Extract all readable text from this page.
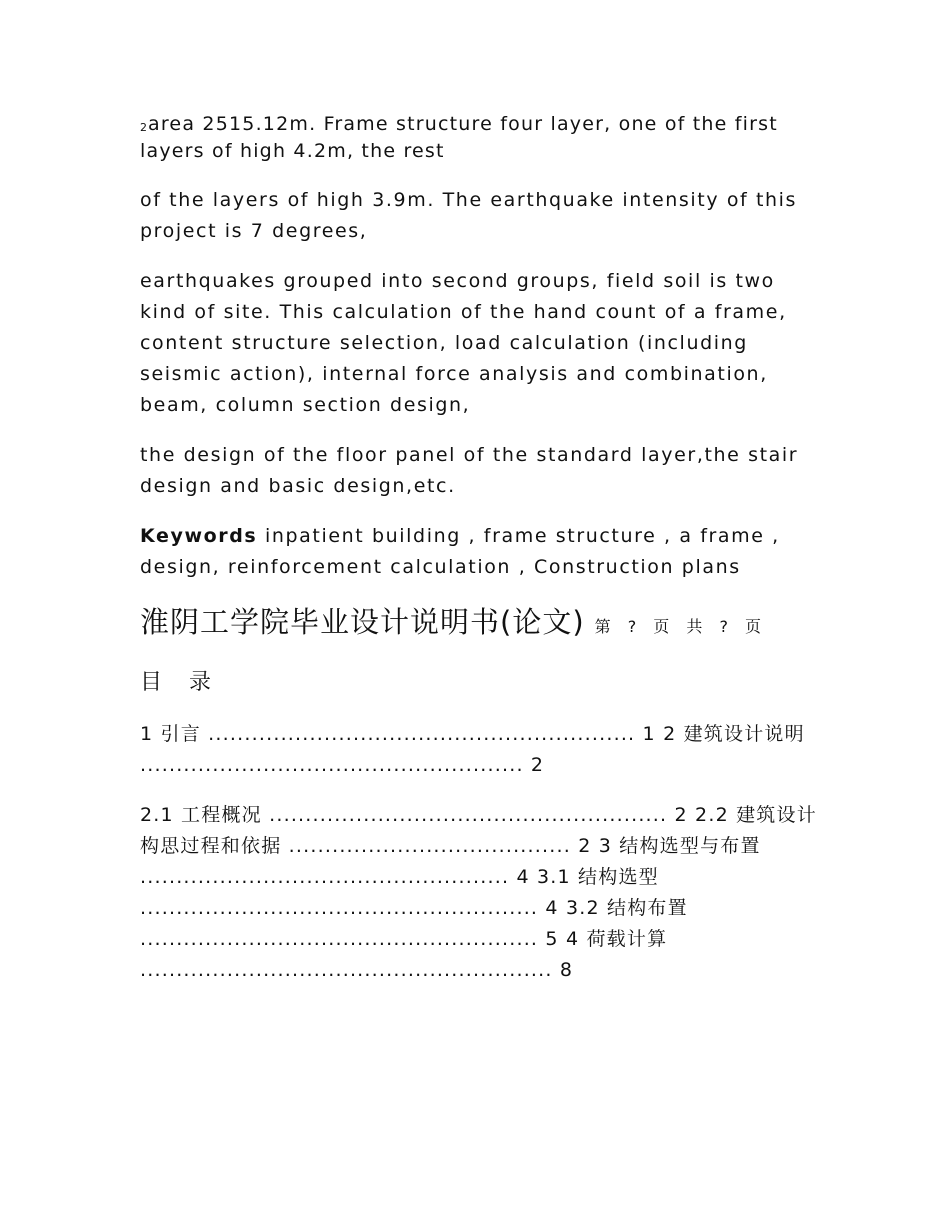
2area 2515.12m. Frame structure four layer, one of the first layers of high 4.2m, the rest

of the layers of high 3.9m. The earthquake intensity of this project is 7 degrees,

earthquakes grouped into second groups, field soil is two kind of site. This calculation of the hand count of a frame, content structure selection, load calculation (including seismic action), internal force analysis and combination, beam, column section design,

the design of the floor panel of the standard layer,the stair design and basic design,etc.

Keywords inpatient building , frame structure , a frame , design, reinforcement calculation , Construction plans

淮阴工学院毕业设计说明书(论文) 第 ? 页 共 ? 页
目 录
1 引言 ........................................................... 1 2 建筑设计说明
..................................................... 2
2.1 工程概况 ....................................................... 2 2.2 建筑设计
构思过程和依据 ....................................... 2 3 结构选型与布置
................................................... 4 3.1 结构选型
....................................................... 4 3.2 结构布置
....................................................... 5 4 荷载计算
......................................................... 8
